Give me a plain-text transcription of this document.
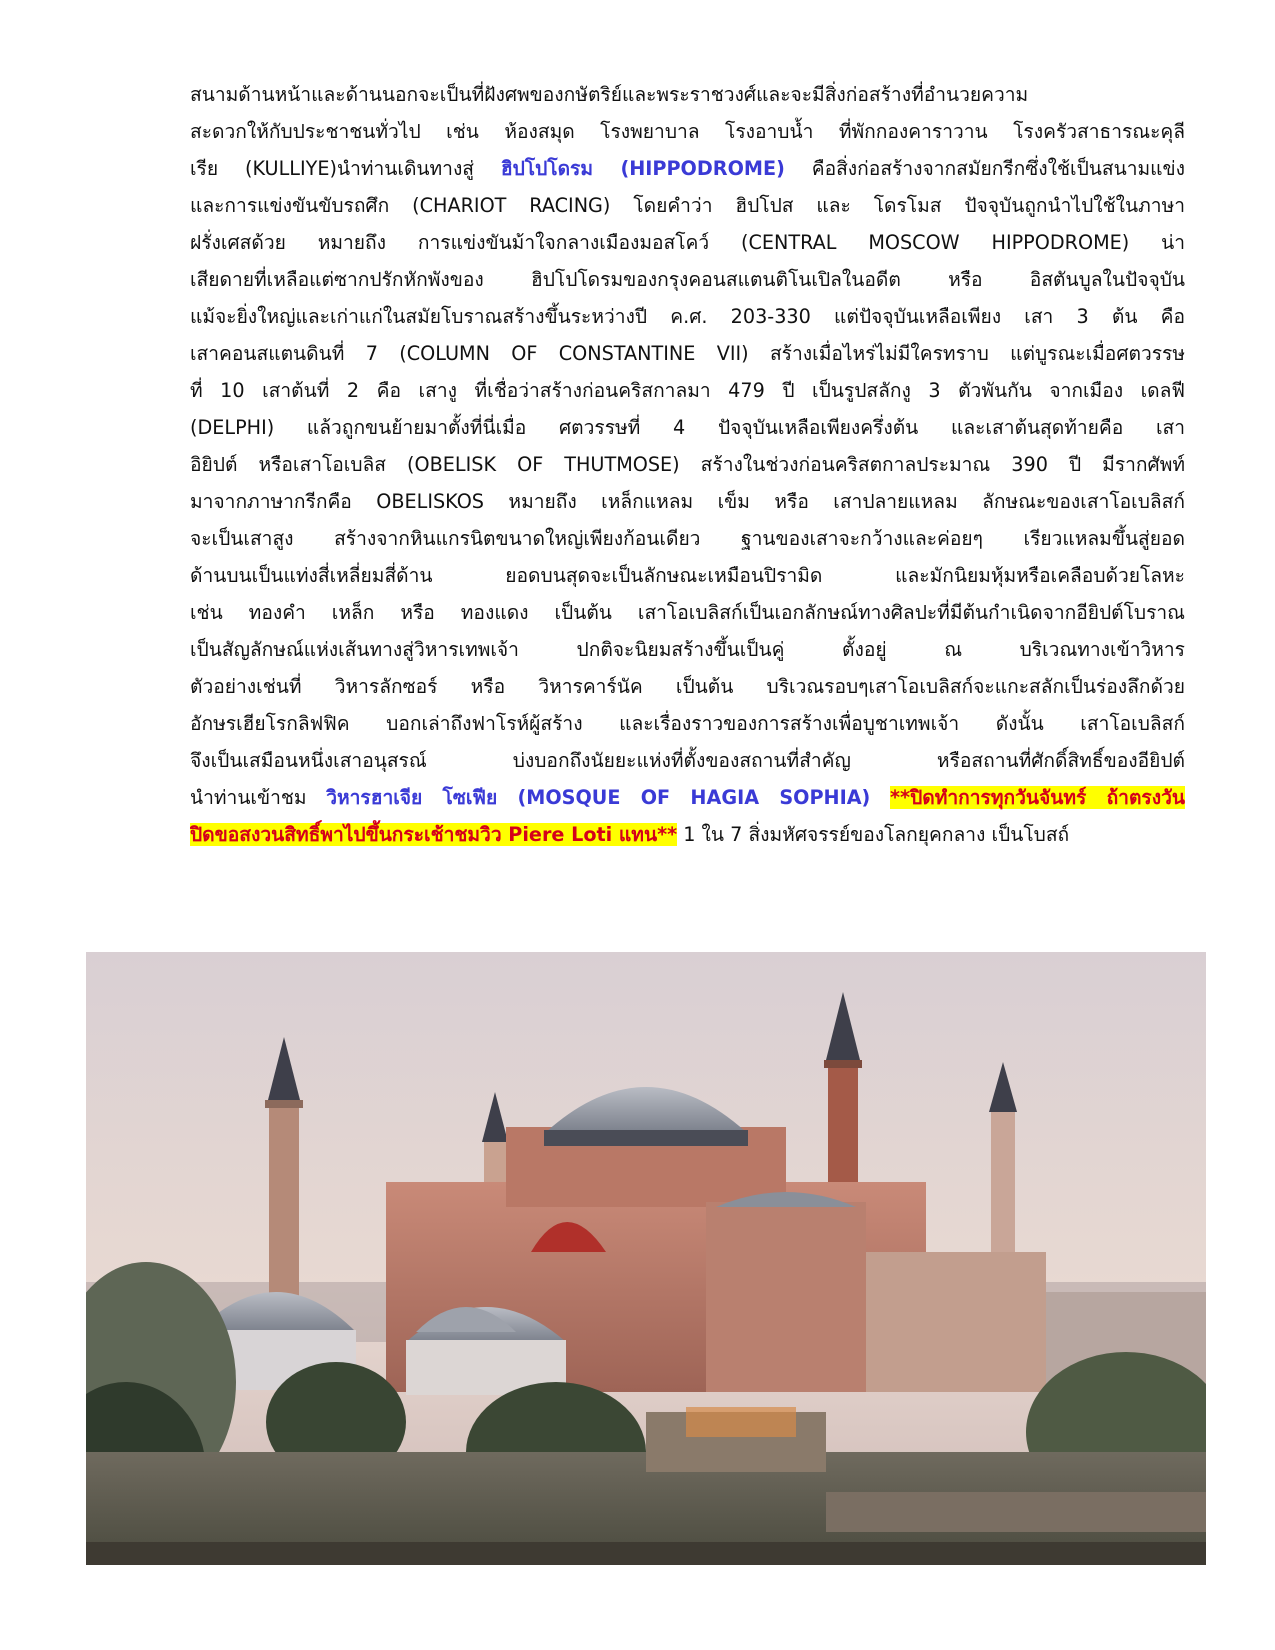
สนามด้านหน้าและด้านนอกจะเป็นที่ฝังศพของกษัตริย์และพระราชวงศ์และจะมีสิ่งก่อสร้างที่อำนวยความ
สะดวกให้กับประชาชนทั่วไป เช่น ห้องสมุด โรงพยาบาล โรงอาบน้ำ ที่พักกองคาราวาน โรงครัวสาธารณะคุลี
เรีย (KULLIYE)นำท่านเดินทางสู่ ฮิปโปโดรม (HIPPODROME) คือสิ่งก่อสร้างจากสมัยกรีกซึ่งใช้เป็นสนามแข่ง
และการแข่งขันขับรถศึก (CHARIOT RACING) โดยคำว่า ฮิปโปส และ โดรโมส ปัจจุบันถูกนำไปใช้ในภาษา
ฝรั่งเศสด้วย หมายถึง การแข่งขันม้าใจกลางเมืองมอสโคว์ (CENTRAL MOSCOW HIPPODROME) น่า
เสียดายที่เหลือแต่ซากปรักหักพังของ ฮิปโปโดรมของกรุงคอนสแตนติโนเปิลในอดีต หรือ อิสตันบูลในปัจจุบัน
แม้จะยิ่งใหญ่และเก่าแก่ในสมัยโบราณสร้างขึ้นระหว่างปี ค.ศ. 203-330 แต่ปัจจุบันเหลือเพียง เสา 3 ต้น คือ
เสาคอนสแตนดินที่ 7 (COLUMN OF CONSTANTINE VII) สร้างเมื่อไหร่ไม่มีใครทราบ แต่บูรณะเมื่อศตวรรษ
ที่ 10 เสาต้นที่ 2 คือ เสางู ที่เชื่อว่าสร้างก่อนคริสกาลมา 479 ปี เป็นรูปสลักงู 3 ตัวพันกัน จากเมือง เดลฟี
(DELPHI) แล้วถูกขนย้ายมาตั้งที่นี่เมื่อ ศตวรรษที่ 4 ปัจจุบันเหลือเพียงครึ่งต้น และเสาต้นสุดท้ายคือ เสา
อิยิปต์ หรือเสาโอเบลิส (OBELISK OF THUTMOSE) สร้างในช่วงก่อนคริสตกาลประมาณ 390 ปี มีรากศัพท์
มาจากภาษากรีกคือ OBELISKOS หมายถึง เหล็กแหลม เข็ม หรือ เสาปลายแหลม ลักษณะของเสาโอเบลิสก์
จะเป็นเสาสูง สร้างจากหินแกรนิตขนาดใหญ่เพียงก้อนเดียว ฐานของเสาจะกว้างและค่อยๆ เรียวแหลมขึ้นสู่ยอด
ด้านบนเป็นแท่งสี่เหลี่ยมสี่ด้าน ยอดบนสุดจะเป็นลักษณะเหมือนปิรามิด และมักนิยมหุ้มหรือเคลือบด้วยโลหะ
เช่น ทองคำ เหล็ก หรือ ทองแดง เป็นต้น เสาโอเบลิสก์เป็นเอกลักษณ์ทางศิลปะที่มีต้นกำเนิดจากอียิปต์โบราณ
เป็นสัญลักษณ์แห่งเส้นทางสู่วิหารเทพเจ้า ปกติจะนิยมสร้างขึ้นเป็นคู่ ตั้งอยู่ ณ บริเวณทางเข้าวิหาร
ตัวอย่างเช่นที่ วิหารลักซอร์ หรือ วิหารคาร์นัค เป็นต้น บริเวณรอบๆเสาโอเบลิสก์จะแกะสลักเป็นร่องลึกด้วย
อักษรเฮียโรกลิฟฟิค บอกเล่าถึงฟาโรห์ผู้สร้าง และเรื่องราวของการสร้างเพื่อบูชาเทพเจ้า ดังนั้น เสาโอเบลิสก์
จึงเป็นเสมือนหนึ่งเสาอนุสรณ์ บ่งบอกถึงนัยยะแห่งที่ตั้งของสถานที่สำคัญ หรือสถานที่ศักดิ์สิทธิ์ของอียิปต์
นำท่านเข้าชม วิหารฮาเจีย โซเฟีย (MOSQUE OF HAGIA SOPHIA) **ปิดทำการทุกวันจันทร์ ถ้าตรงวัน
ปิดขอสงวนสิทธิ์พาไปขึ้นกระเช้าชมวิว Piere Loti แทน** 1 ใน 7 สิ่งมหัศจรรย์ของโลกยุคกลาง เป็นโบสถ์
